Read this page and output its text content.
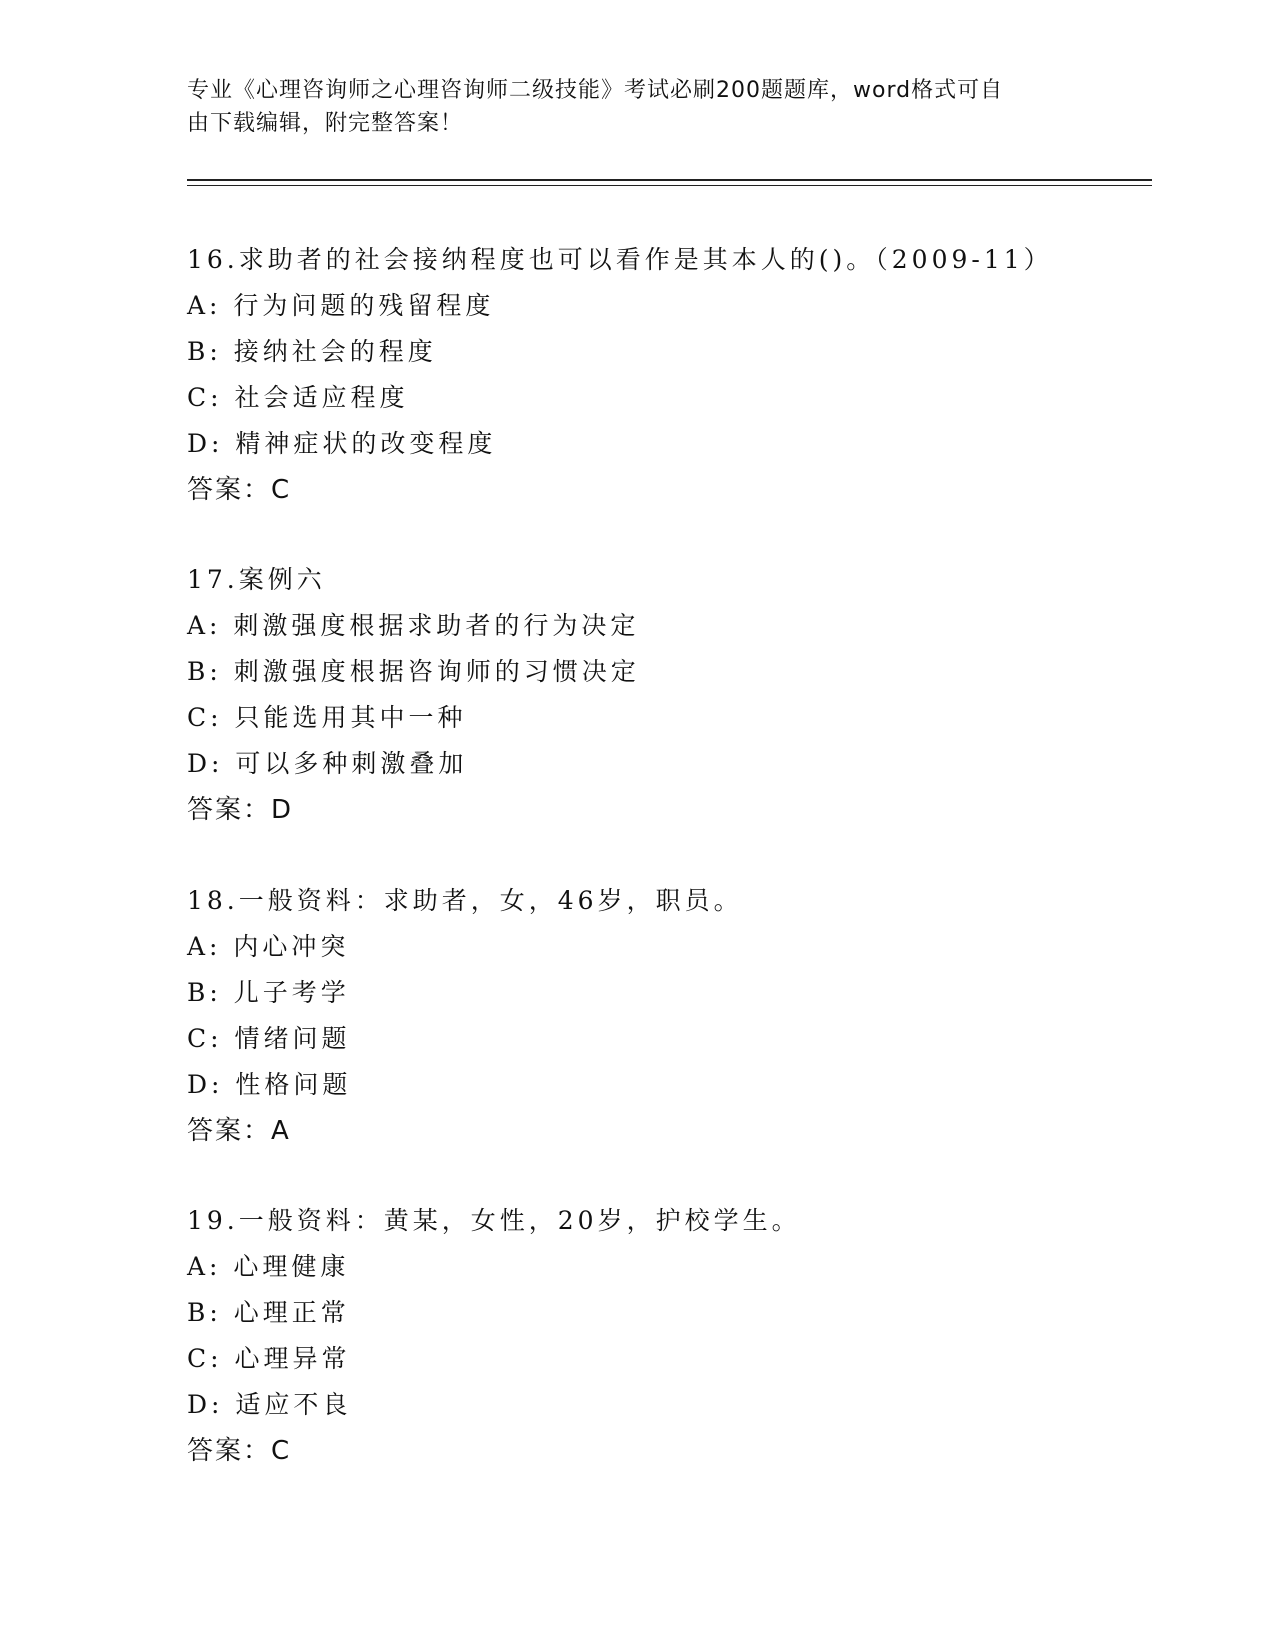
专业《心理咨询师之心理咨询师二级技能》考试必刷200题题库，word格式可自
由下载编辑，附完整答案！
16.求助者的社会接纳程度也可以看作是其本人的()。（2009-11）
A: 行为问题的残留程度
B: 接纳社会的程度
C: 社会适应程度
D: 精神症状的改变程度
答案：C
17.案例六
A: 刺激强度根据求助者的行为决定
B: 刺激强度根据咨询师的习惯决定
C: 只能选用其中一种
D: 可以多种刺激叠加
答案：D
18.一般资料：求助者，女，46岁，职员。
A: 内心冲突
B: 儿子考学
C: 情绪问题
D: 性格问题
答案：A
19.一般资料：黄某，女性，20岁，护校学生。
A: 心理健康
B: 心理正常
C: 心理异常
D: 适应不良
答案：C
